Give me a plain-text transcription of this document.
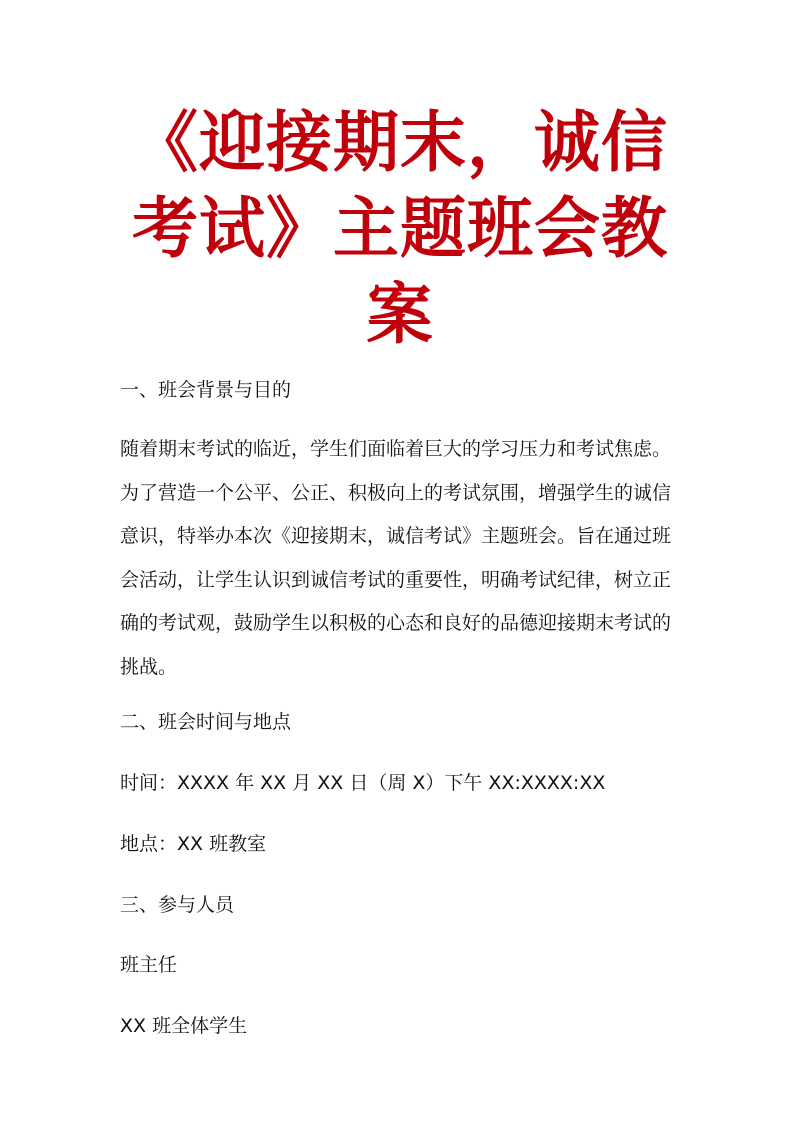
《迎接期末，诚信
考试》主题班会教
案
一、班会背景与目的
随着期末考试的临近，学生们面临着巨大的学习压力和考试焦虑。
为了营造一个公平、公正、积极向上的考试氛围，增强学生的诚信
意识，特举办本次《迎接期末，诚信考试》主题班会。旨在通过班
会活动，让学生认识到诚信考试的重要性，明确考试纪律，树立正
确的考试观，鼓励学生以积极的心态和良好的品德迎接期末考试的
挑战。
二、班会时间与地点
时间：XXXX 年 XX 月 XX 日（周 X）下午 XX:XXXX:XX
地点：XX 班教室
三、参与人员
班主任
XX 班全体学生
